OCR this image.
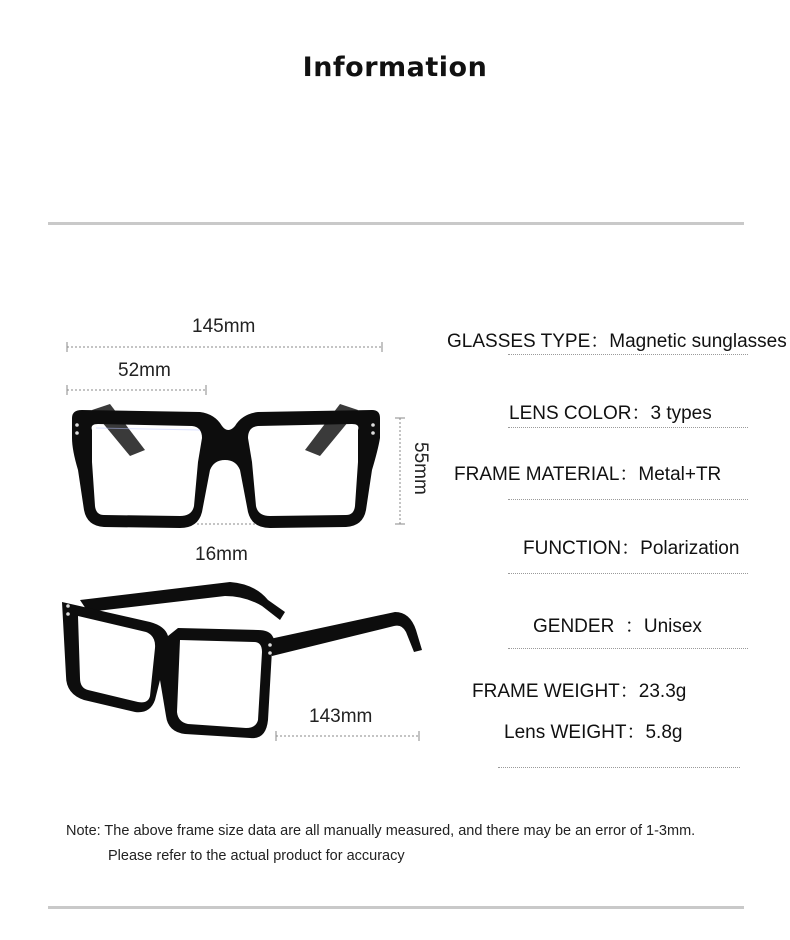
Information
145mm
52mm
55mm
16mm
143mm
GLASSES TYPE：Magnetic sunglasses
LENS COLOR：3 types
FRAME MATERIAL：Metal+TR
FUNCTION：Polarization
GENDER  ：Unisex
FRAME WEIGHT：23.3g
Lens WEIGHT：5.8g
Note: The above frame size data are all manually measured, and there may be an error of 1-3mm.
Please refer to the actual product for accuracy
